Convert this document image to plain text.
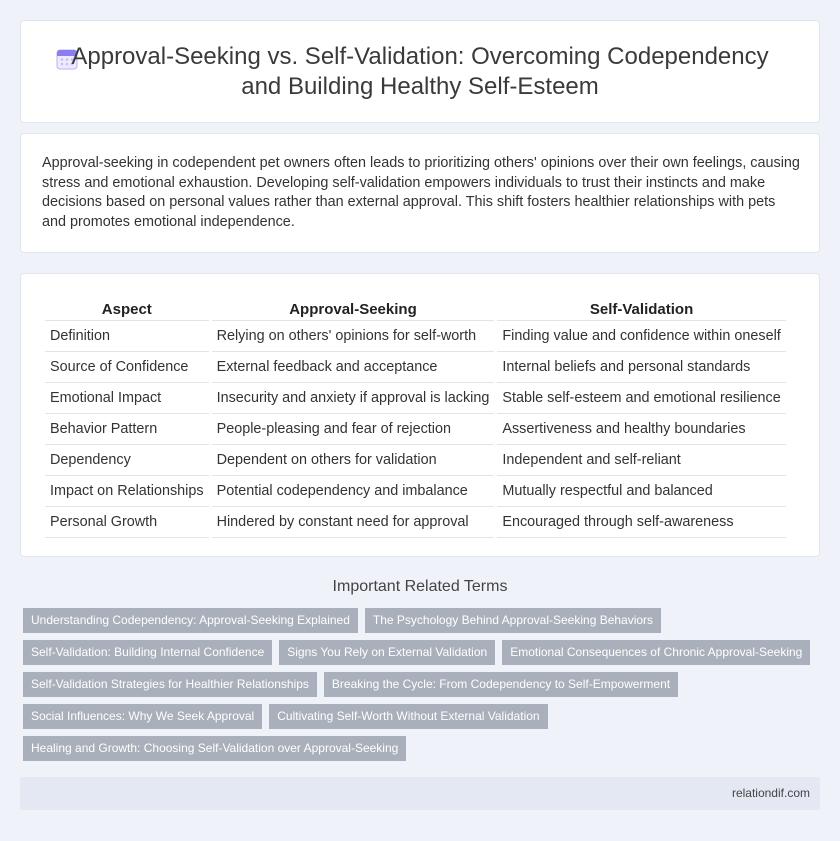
Approval-Seeking vs. Self-Validation: Overcoming Codependency and Building Healthy Self-Esteem

Approval-seeking in codependent pet owners often leads to prioritizing others' opinions over their own feelings, causing stress and emotional exhaustion. Developing self-validation empowers individuals to trust their instincts and make decisions based on personal values rather than external approval. This shift fosters healthier relationships with pets and promotes emotional independence.

Aspect	Approval-Seeking	Self-Validation
Definition	Relying on others' opinions for self-worth	Finding value and confidence within oneself
Source of Confidence	External feedback and acceptance	Internal beliefs and personal standards
Emotional Impact	Insecurity and anxiety if approval is lacking	Stable self-esteem and emotional resilience
Behavior Pattern	People-pleasing and fear of rejection	Assertiveness and healthy boundaries
Dependency	Dependent on others for validation	Independent and self-reliant
Impact on Relationships	Potential codependency and imbalance	Mutually respectful and balanced
Personal Growth	Hindered by constant need for approval	Encouraged through self-awareness
Important Related Terms
Understanding Codependency: Approval-Seeking Explained	The Psychology Behind Approval-Seeking Behaviors
Self-Validation: Building Internal Confidence	Signs You Rely on External Validation	Emotional Consequences of Chronic Approval-Seeking
Self-Validation Strategies for Healthier Relationships	Breaking the Cycle: From Codependency to Self-Empowerment
Social Influences: Why We Seek Approval	Cultivating Self-Worth Without External Validation
Healing and Growth: Choosing Self-Validation over Approval-Seeking
relationdif.com
